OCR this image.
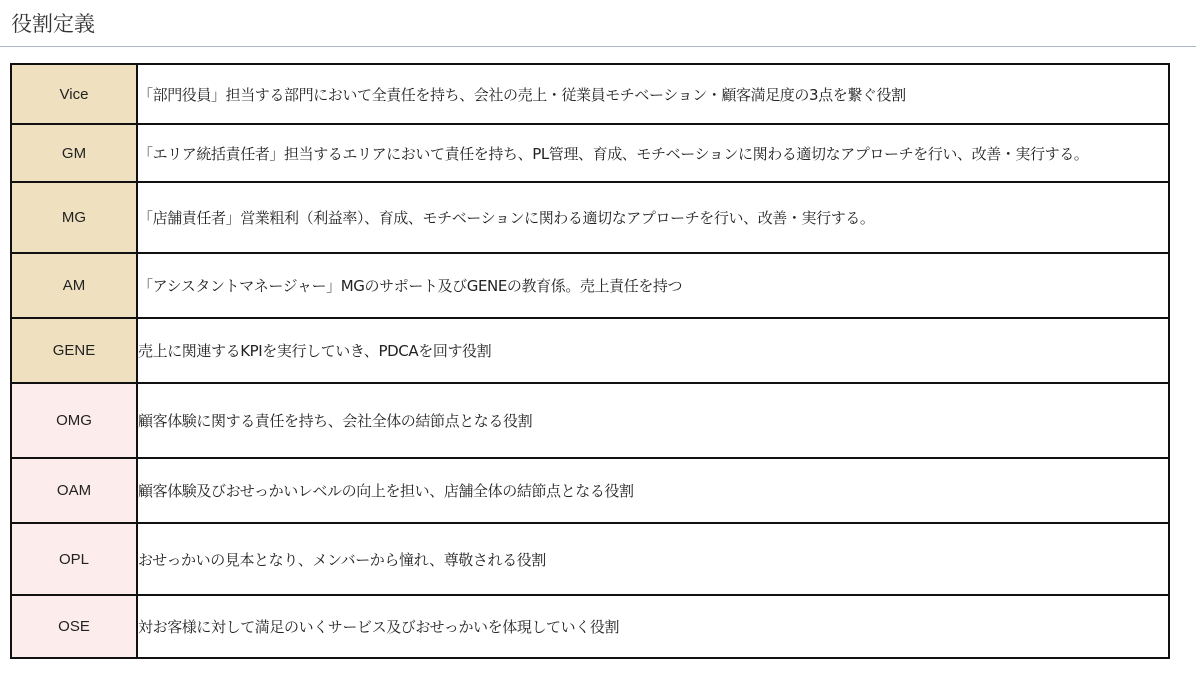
役割定義
Vice	「部門役員」担当する部門において全責任を持ち、会社の売上・従業員モチベーション・顧客満足度の3点を繋ぐ役割
GM	「エリア統括責任者」担当するエリアにおいて責任を持ち、PL管理、育成、モチベーションに関わる適切なアプローチを行い、改善・実行する。
MG	「店舗責任者」営業粗利（利益率）、育成、モチベーションに関わる適切なアプローチを行い、改善・実行する。
AM	「アシスタントマネージャー」MGのサポート及びGENEの教育係。売上責任を持つ
GENE	売上に関連するKPIを実行していき、PDCAを回す役割
OMG	顧客体験に関する責任を持ち、会社全体の結節点となる役割
OAM	顧客体験及びおせっかいレベルの向上を担い、店舗全体の結節点となる役割
OPL	おせっかいの見本となり、メンバーから憧れ、尊敬される役割
OSE	対お客様に対して満足のいくサービス及びおせっかいを体現していく役割
